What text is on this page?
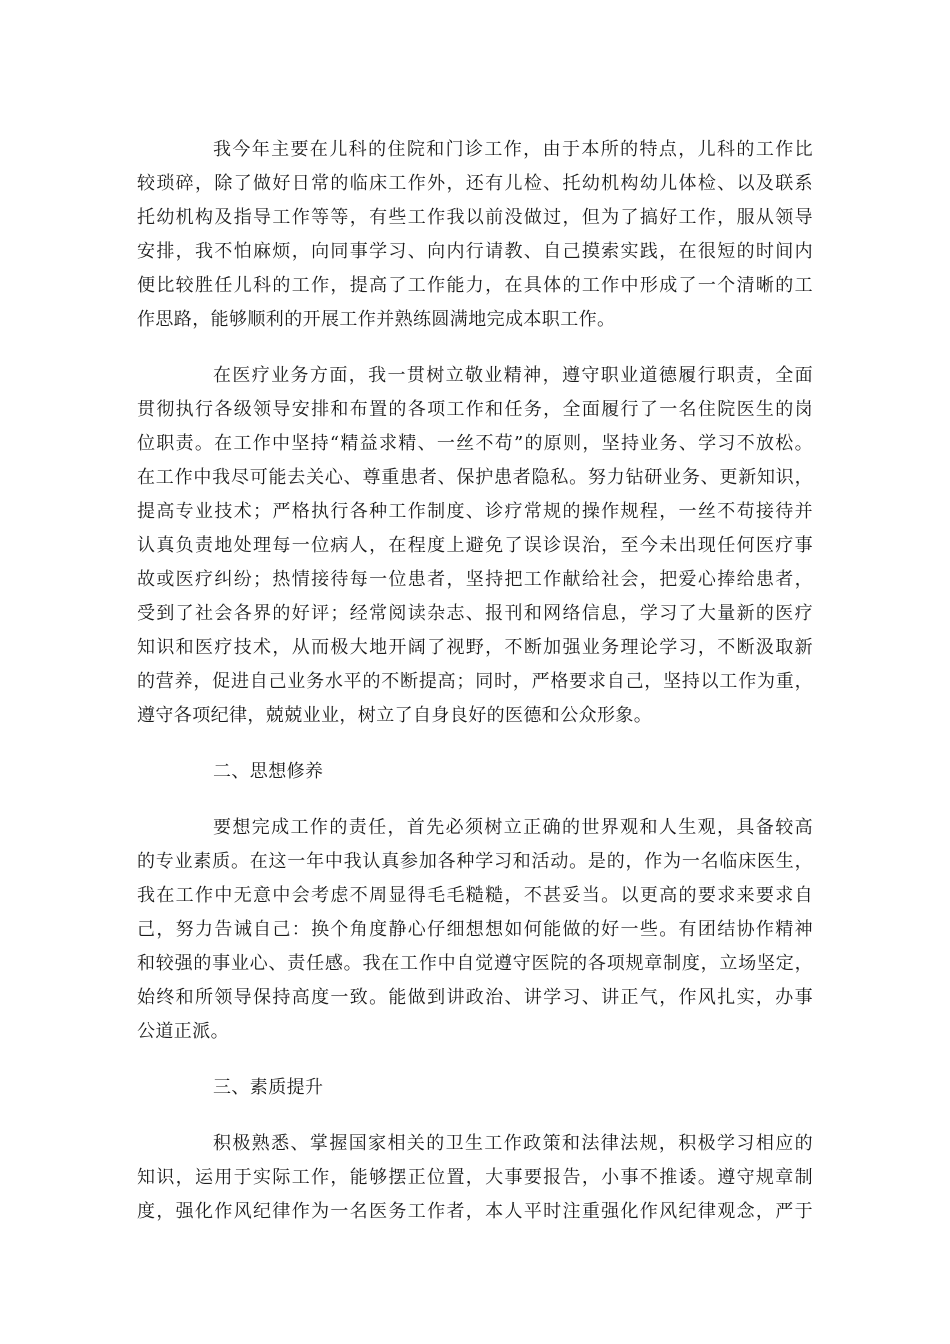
我今年主要在儿科的住院和门诊工作，由于本所的特点，儿科的工作比
较琐碎，除了做好日常的临床工作外，还有儿检、托幼机构幼儿体检、以及联系
托幼机构及指导工作等等，有些工作我以前没做过，但为了搞好工作，服从领导
安排，我不怕麻烦，向同事学习、向内行请教、自己摸索实践，在很短的时间内
便比较胜任儿科的工作，提高了工作能力，在具体的工作中形成了一个清晰的工
作思路，能够顺利的开展工作并熟练圆满地完成本职工作。
在医疗业务方面，我一贯树立敬业精神，遵守职业道德履行职责，全面
贯彻执行各级领导安排和布置的各项工作和任务，全面履行了一名住院医生的岗
位职责。在工作中坚持“精益求精、一丝不苟”的原则，坚持业务、学习不放松。
在工作中我尽可能去关心、尊重患者、保护患者隐私。努力钻研业务、更新知识，
提高专业技术；严格执行各种工作制度、诊疗常规的操作规程，一丝不苟接待并
认真负责地处理每一位病人，在程度上避免了误诊误治，至今未出现任何医疗事
故或医疗纠纷；热情接待每一位患者，坚持把工作献给社会，把爱心捧给患者，
受到了社会各界的好评；经常阅读杂志、报刊和网络信息，学习了大量新的医疗
知识和医疗技术，从而极大地开阔了视野，不断加强业务理论学习，不断汲取新
的营养，促进自己业务水平的不断提高；同时，严格要求自己，坚持以工作为重，
遵守各项纪律，兢兢业业，树立了自身良好的医德和公众形象。
二、思想修养
要想完成工作的责任，首先必须树立正确的世界观和人生观，具备较高
的专业素质。在这一年中我认真参加各种学习和活动。是的，作为一名临床医生，
我在工作中无意中会考虑不周显得毛毛糙糙，不甚妥当。以更高的要求来要求自
己，努力告诫自己：换个角度静心仔细想想如何能做的好一些。有团结协作精神
和较强的事业心、责任感。我在工作中自觉遵守医院的各项规章制度，立场坚定，
始终和所领导保持高度一致。能做到讲政治、讲学习、讲正气，作风扎实，办事
公道正派。
三、素质提升
积极熟悉、掌握国家相关的卫生工作政策和法律法规，积极学习相应的
知识，运用于实际工作，能够摆正位置，大事要报告，小事不推诿。遵守规章制
度，强化作风纪律作为一名医务工作者，本人平时注重强化作风纪律观念，严于
